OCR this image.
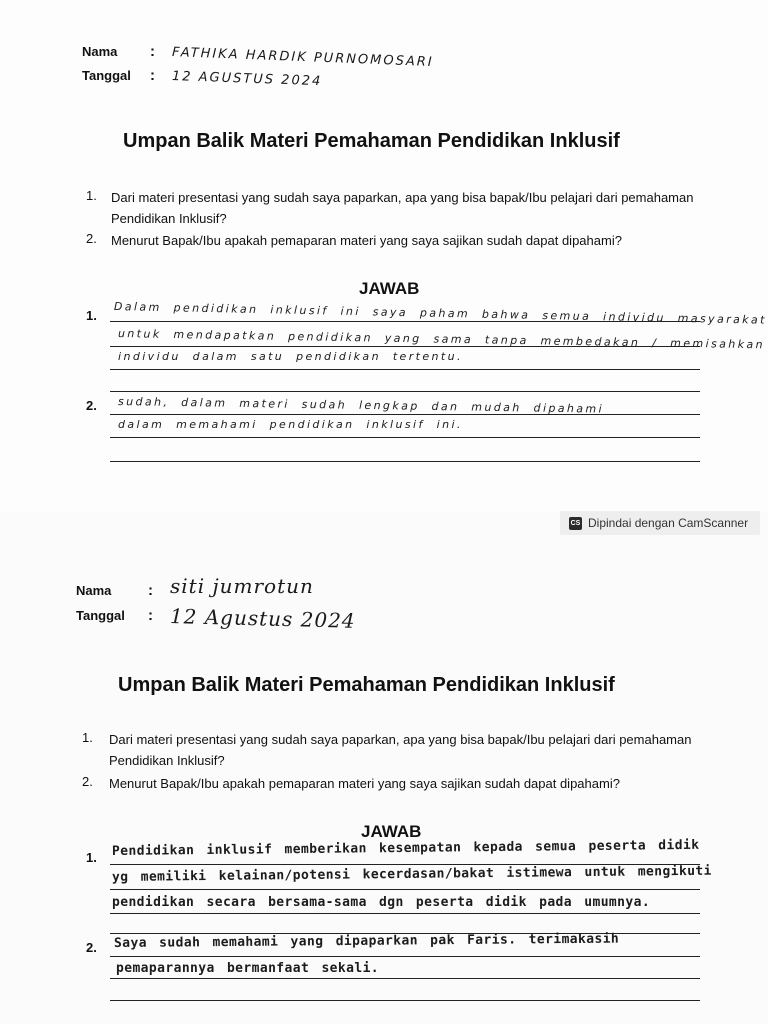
Nama : FATHIKA HARDIK PURNOMOSARI
Tanggal : 12 AGUSTUS 2024
Umpan Balik Materi Pemahaman Pendidikan Inklusif
1. Dari materi presentasi yang sudah saya paparkan, apa yang bisa bapak/Ibu pelajari dari pemahaman Pendidikan Inklusif?
2. Menurut Bapak/Ibu apakah pemaparan materi yang saya sajikan sudah dapat dipahami?
JAWAB
1. Dalam pendidikan inklusif ini saya paham bahwa semua individu masyarakat
untuk mendapatkan pendidikan yang sama tanpa membedakan / memisahkan
individu dalam satu pendidikan tertentu.
2. sudah, dalam materi sudah lengkap dan mudah dipahami
dalam memahami pendidikan inklusif ini.
CS Dipindai dengan CamScanner
Nama : siti jumrotun
Tanggal : 12 Agustus 2024
Umpan Balik Materi Pemahaman Pendidikan Inklusif
1. Dari materi presentasi yang sudah saya paparkan, apa yang bisa bapak/Ibu pelajari dari pemahaman Pendidikan Inklusif?
2. Menurut Bapak/Ibu apakah pemaparan materi yang saya sajikan sudah dapat dipahami?
JAWAB
1. Pendidikan inklusif memberikan kesempatan kepada semua peserta didik
yg memiliki kelainan/potensi kecerdasan/bakat istimewa untuk mengikuti
pendidikan secara bersama-sama dgn peserta didik pada umumnya.
2. Saya sudah memahami yang dipaparkan pak Faris. terimakasih
pemaparannya bermanfaat sekali.
